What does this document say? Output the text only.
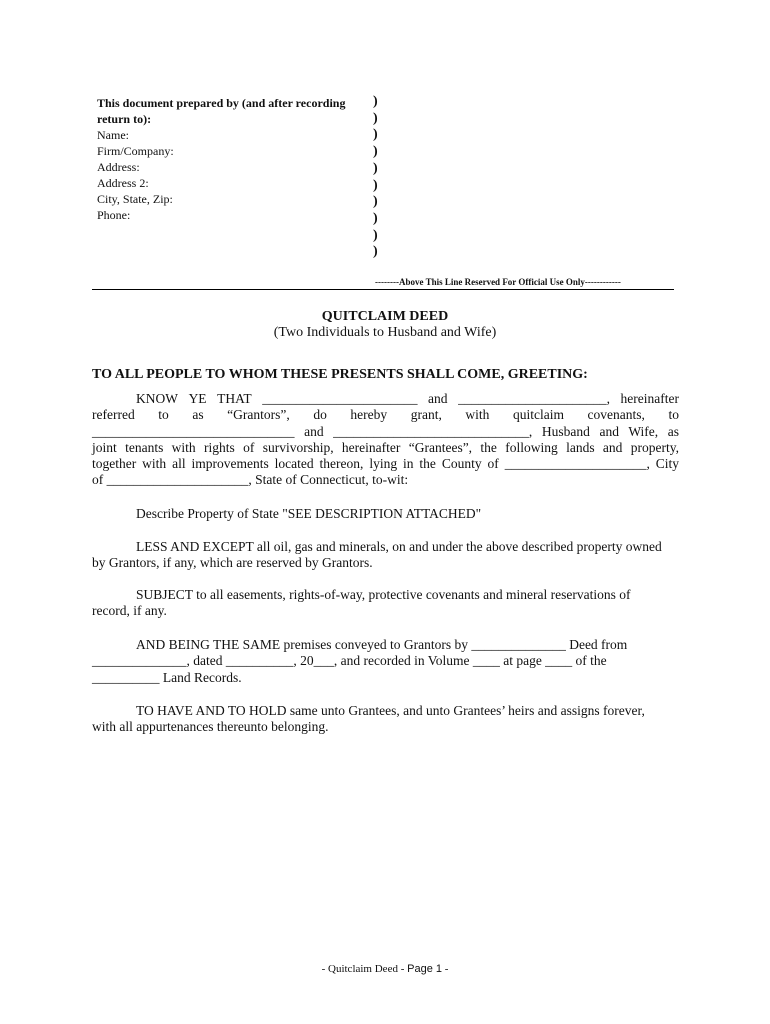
This document prepared by (and after recording
return to):
Name:
Firm/Company:
Address:
Address 2:
City, State, Zip:
Phone:
)
)
)
)
)
)
)
)
)
)
--------Above This Line Reserved For Official Use Only------------
QUITCLAIM DEED
(Two Individuals to Husband and Wife)
TO ALL PEOPLE TO WHOM THESE PRESENTS SHALL COME, GREETING:
KNOW YE THAT _______________________ and ______________________, hereinafter
referred to as “Grantors”, do hereby grant, with quitclaim covenants, to
______________________________ and _____________________________, Husband and Wife, as
joint tenants with rights of survivorship, hereinafter “Grantees”, the following lands and property,
together with all improvements located thereon, lying in the County of _____________________, City
of _____________________, State of Connecticut, to-wit:
Describe Property of State "SEE DESCRIPTION ATTACHED"
LESS AND EXCEPT all oil, gas and minerals, on and under the above described property owned
by Grantors, if any, which are reserved by Grantors.
SUBJECT to all easements, rights-of-way, protective covenants and mineral reservations of
record, if any.
AND BEING THE SAME premises conveyed to Grantors by ______________ Deed from
______________, dated __________, 20___, and recorded in Volume ____ at page ____ of the
__________ Land Records.
TO HAVE AND TO HOLD same unto Grantees, and unto Grantees’ heirs and assigns forever,
with all appurtenances thereunto belonging.
- Quitclaim Deed - Page 1 -
